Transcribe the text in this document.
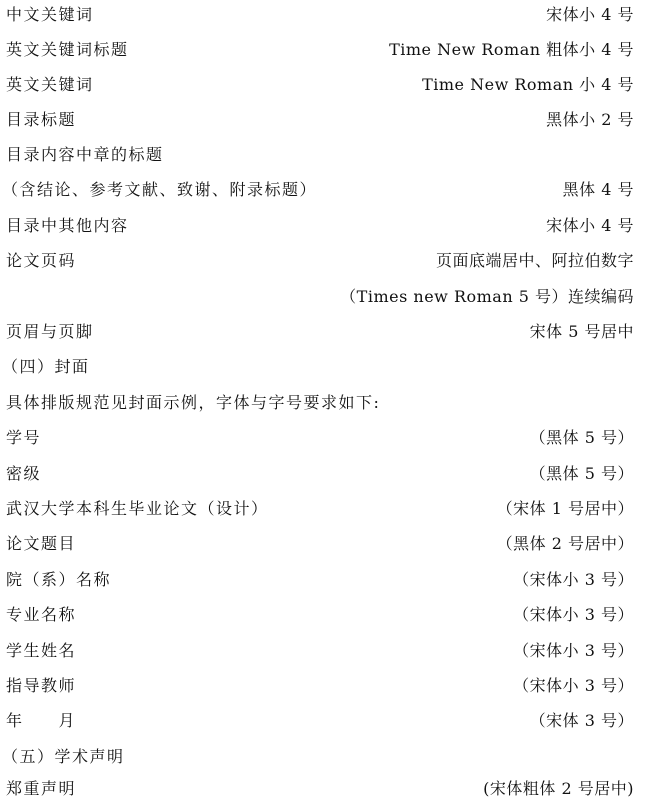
中文关键词	宋体小 4 号
英文关键词标题	Time New Roman 粗体小 4 号
英文关键词	Time New Roman 小 4 号
目录标题	黑体小 2 号
目录内容中章的标题
（含结论、参考文献、致谢、附录标题）	黑体 4 号
目录中其他内容	宋体小 4 号
论文页码	页面底端居中、阿拉伯数字
（Times new Roman 5 号）连续编码
页眉与页脚	宋体 5 号居中
（四）封面
具体排版规范见封面示例，字体与字号要求如下:
学号	（黑体 5 号）
密级	（黑体 5 号）
武汉大学本科生毕业论文（设计）	（宋体 1 号居中）
论文题目	（黑体 2 号居中）
院（系）名称	（宋体小 3 号）
专业名称	（宋体小 3 号）
学生姓名	（宋体小 3 号）
指导教师	（宋体小 3 号）
年　　月	（宋体 3 号）
（五）学术声明
郑重声明	(宋体粗体 2 号居中)
